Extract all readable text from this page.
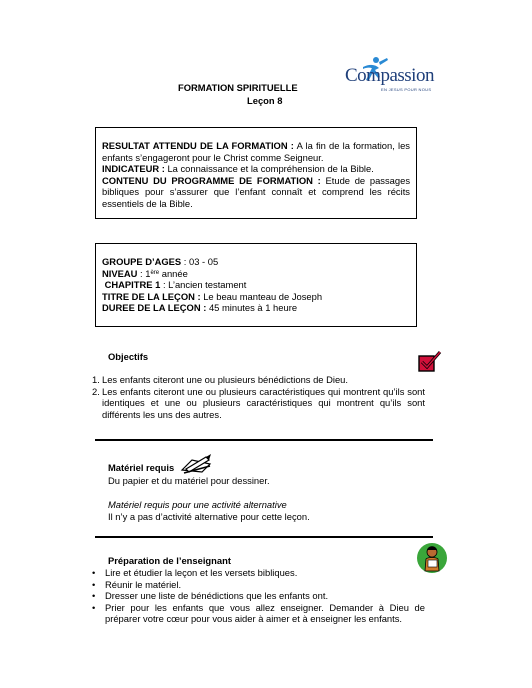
FORMATION SPIRITUELLE
Leçon 8
Compassion
EN JESUS POUR NOUS
RESULTAT ATTENDU DE LA FORMATION : A la fin de la formation, les enfants s’engageront pour le Christ comme Seigneur.
INDICATEUR : La connaissance et la compréhension de la Bible.
CONTENU DU PROGRAMME DE FORMATION : Etude de passages bibliques pour s’assurer que l’enfant connaît et comprend les récits essentiels de la Bible.
GROUPE D’AGES : 03 - 05
NIVEAU : 1ère année
CHAPITRE 1 : L’ancien testament
TITRE DE LA LEÇON : Le beau manteau de Joseph
DUREE DE LA LEÇON : 45 minutes à 1 heure
Objectifs
1. Les enfants citeront une ou plusieurs bénédictions de Dieu.
2. Les enfants citeront une ou plusieurs caractéristiques qui montrent qu’ils sont identiques et une ou plusieurs caractéristiques qui montrent qu’ils sont différents les uns des autres.
Matériel requis
Du papier et du matériel pour dessiner.
Matériel requis pour une activité alternative
Il n’y a pas d’activité alternative pour cette leçon.
Préparation de l’enseignant
• Lire et étudier la leçon et les versets bibliques.
• Réunir le matériel.
• Dresser une liste de bénédictions que les enfants ont.
• Prier pour les enfants que vous allez enseigner. Demander à Dieu de préparer votre cœur pour vous aider à aimer et à enseigner les enfants.
